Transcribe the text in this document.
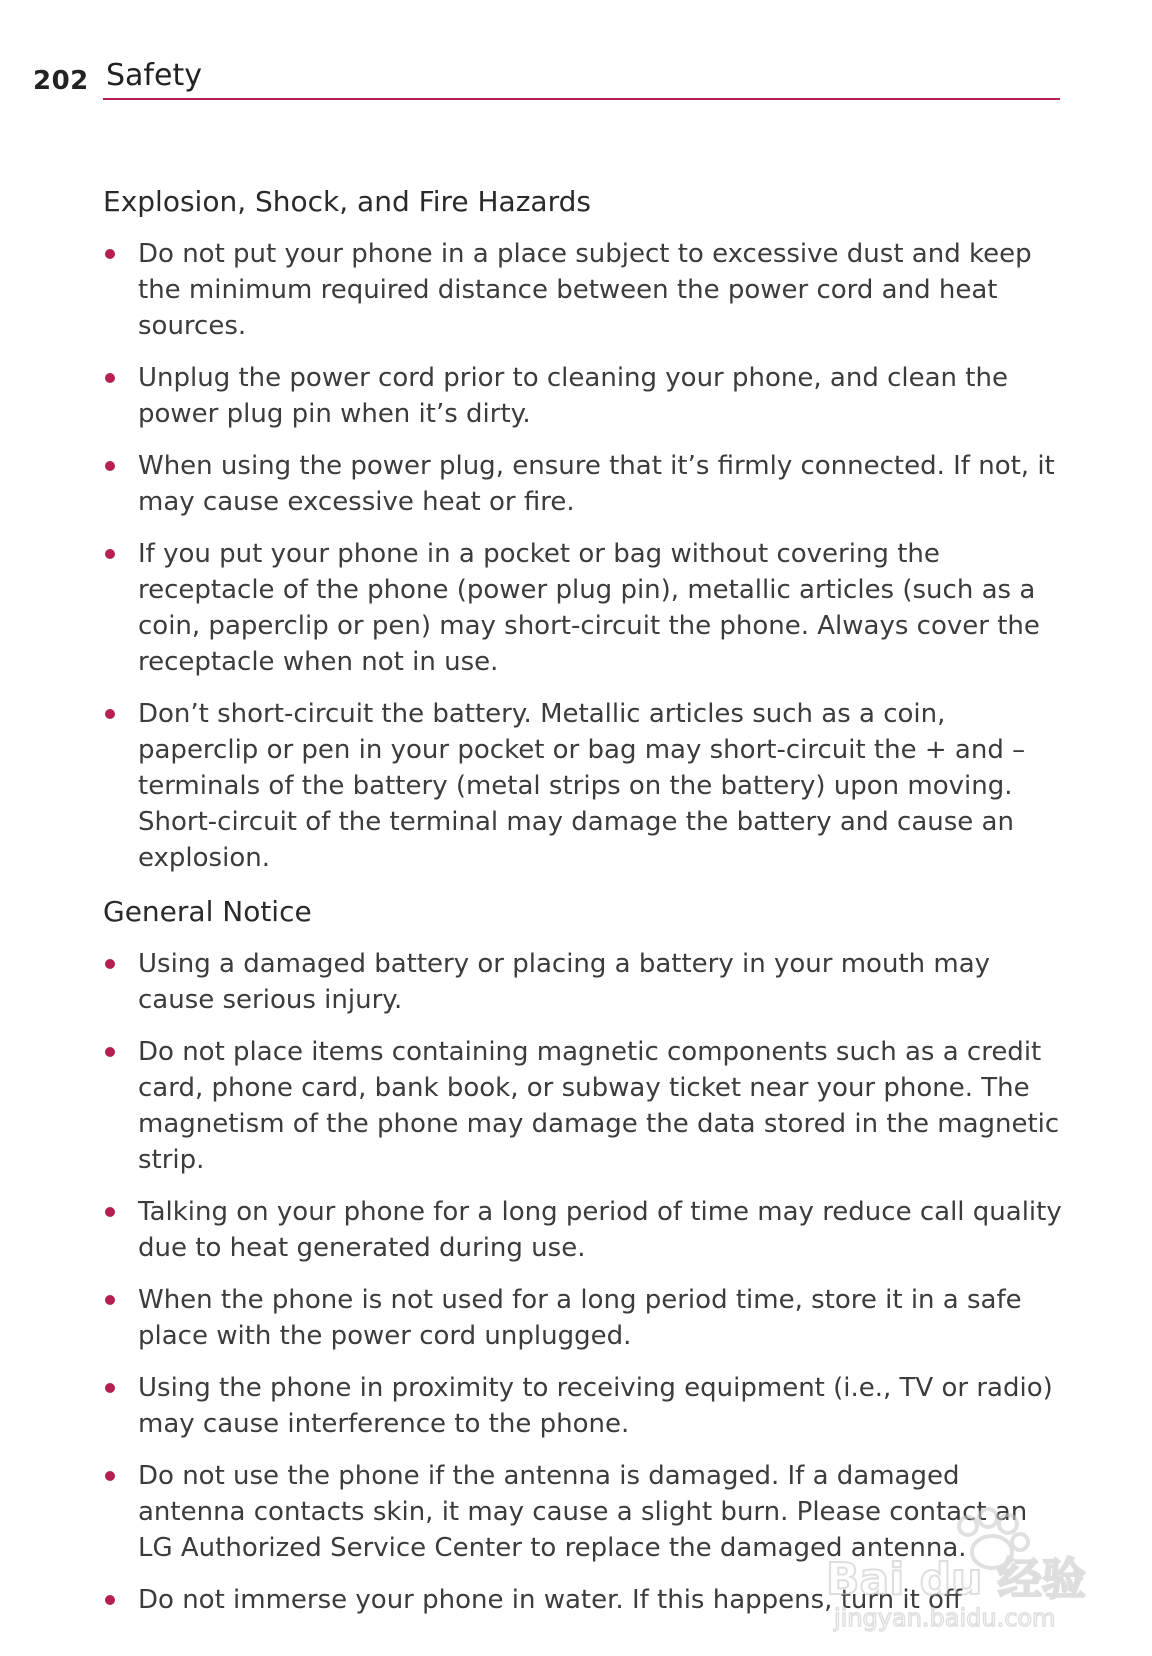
202 Safety
Explosion, Shock, and Fire Hazards
Do not put your phone in a place subject to excessive dust and keep the minimum required distance between the power cord and heat sources.
Unplug the power cord prior to cleaning your phone, and clean the power plug pin when it’s dirty.
When using the power plug, ensure that it’s firmly connected. If not, it may cause excessive heat or fire.
If you put your phone in a pocket or bag without covering the receptacle of the phone (power plug pin), metallic articles (such as a coin, paperclip or pen) may short-circuit the phone. Always cover the receptacle when not in use.
Don’t short-circuit the battery. Metallic articles such as a coin, paperclip or pen in your pocket or bag may short-circuit the + and – terminals of the battery (metal strips on the battery) upon moving. Short-circuit of the terminal may damage the battery and cause an explosion.
General Notice
Using a damaged battery or placing a battery in your mouth may cause serious injury.
Do not place items containing magnetic components such as a credit card, phone card, bank book, or subway ticket near your phone. The magnetism of the phone may damage the data stored in the magnetic strip.
Talking on your phone for a long period of time may reduce call quality due to heat generated during use.
When the phone is not used for a long period time, store it in a safe place with the power cord unplugged.
Using the phone in proximity to receiving equipment (i.e., TV or radio) may cause interference to the phone.
Do not use the phone if the antenna is damaged. If a damaged antenna contacts skin, it may cause a slight burn. Please contact an LG Authorized Service Center to replace the damaged antenna.
Do not immerse your phone in water. If this happens, turn it off
Bai du 经验
jingyan.baidu.com
